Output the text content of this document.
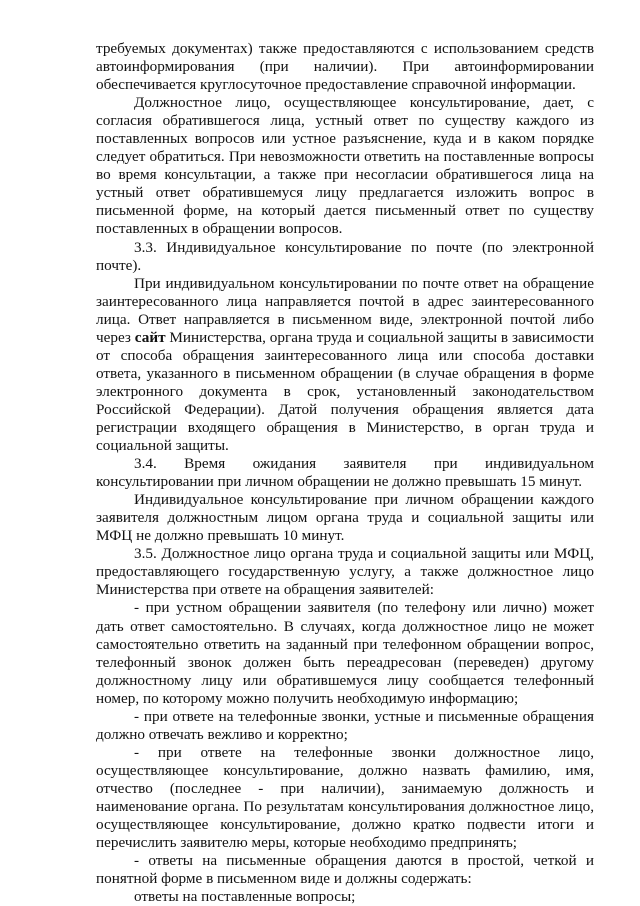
требуемых документах) также предоставляются с использованием средств автоинформирования (при наличии). При автоинформировании обеспечивается круглосуточное предоставление справочной информации.

Должностное лицо, осуществляющее консультирование, дает, с согласия обратившегося лица, устный ответ по существу каждого из поставленных вопросов или устное разъяснение, куда и в каком порядке следует обратиться. При невозможности ответить на поставленные вопросы во время консультации, а также при несогласии обратившегося лица на устный ответ обратившемуся лицу предлагается изложить вопрос в письменной форме, на который дается письменный ответ по существу поставленных в обращении вопросов.

3.3. Индивидуальное консультирование по почте (по электронной почте).

При индивидуальном консультировании по почте ответ на обращение заинтересованного лица направляется почтой в адрес заинтересованного лица. Ответ направляется в письменном виде, электронной почтой либо через сайт Министерства, органа труда и социальной защиты в зависимости от способа обращения заинтересованного лица или способа доставки ответа, указанного в письменном обращении (в случае обращения в форме электронного документа в срок, установленный законодательством Российской Федерации). Датой получения обращения является дата регистрации входящего обращения в Министерство, в орган труда и социальной защиты.

3.4. Время ожидания заявителя при индивидуальном консультировании при личном обращении не должно превышать 15 минут.

Индивидуальное консультирование при личном обращении каждого заявителя должностным лицом органа труда и социальной защиты или МФЦ не должно превышать 10 минут.

3.5. Должностное лицо органа труда и социальной защиты или МФЦ, предоставляющего государственную услугу, а также должностное лицо Министерства при ответе на обращения заявителей:

- при устном обращении заявителя (по телефону или лично) может дать ответ самостоятельно. В случаях, когда должностное лицо не может самостоятельно ответить на заданный при телефонном обращении вопрос, телефонный звонок должен быть переадресован (переведен) другому должностному лицу или обратившемуся лицу сообщается телефонный номер, по которому можно получить необходимую информацию;

- при ответе на телефонные звонки, устные и письменные обращения должно отвечать вежливо и корректно;

- при ответе на телефонные звонки должностное лицо, осуществляющее консультирование, должно назвать фамилию, имя, отчество (последнее - при наличии), занимаемую должность и наименование органа. По результатам консультирования должностное лицо, осуществляющее консультирование, должно кратко подвести итоги и перечислить заявителю меры, которые необходимо предпринять;

- ответы на письменные обращения даются в простой, четкой и понятной форме в письменном виде и должны содержать:

ответы на поставленные вопросы;
